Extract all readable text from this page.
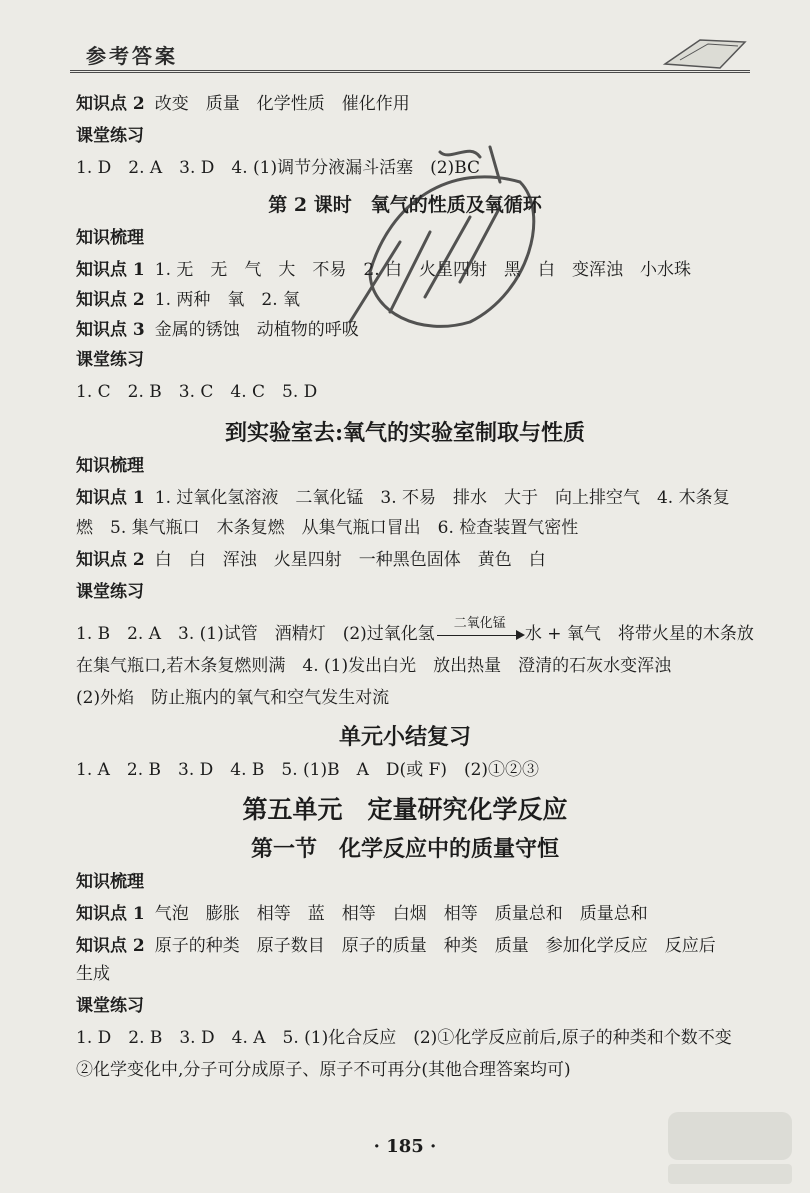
参考答案
知识点 2 改变　质量　化学性质　催化作用
课堂练习
1. D　2. A　3. D　4. (1)调节分液漏斗活塞　(2)BC
第 2 课时　氧气的性质及氧循环
知识梳理
知识点 1 1. 无　无　气　大　不易　2. 白　火星四射　黑　白　变浑浊　小水珠
知识点 2 1. 两种　氧　2. 氧
知识点 3 金属的锈蚀　动植物的呼吸
课堂练习
1. C　2. B　3. C　4. C　5. D
到实验室去:氧气的实验室制取与性质
知识梳理
知识点 1 1. 过氧化氢溶液　二氧化锰　3. 不易　排水　大于　向上排空气　4. 木条复
燃　5. 集气瓶口　木条复燃　从集气瓶口冒出　6. 检查装置气密性
知识点 2 白　白　浑浊　火星四射　一种黑色固体　黄色　白
课堂练习
1. B　2. A　3. (1)试管　酒精灯　(2)过氧化氢
二氧化锰
水 + 氧气　将带火星的木条放
在集气瓶口,若木条复燃则满　4. (1)发出白光　放出热量　澄清的石灰水变浑浊
(2)外焰　防止瓶内的氧气和空气发生对流
单元小结复习
1. A　2. B　3. D　4. B　5. (1)B　A　D(或 F)　(2)①②③
第五单元　定量研究化学反应
第一节　化学反应中的质量守恒
知识梳理
知识点 1 气泡　膨胀　相等　蓝　相等　白烟　相等　质量总和　质量总和
知识点 2 原子的种类　原子数目　原子的质量　种类　质量　参加化学反应　反应后
生成
课堂练习
1. D　2. B　3. D　4. A　5. (1)化合反应　(2)①化学反应前后,原子的种类和个数不变
②化学变化中,分子可分成原子、原子不可再分(其他合理答案均可)
· 185 ·
